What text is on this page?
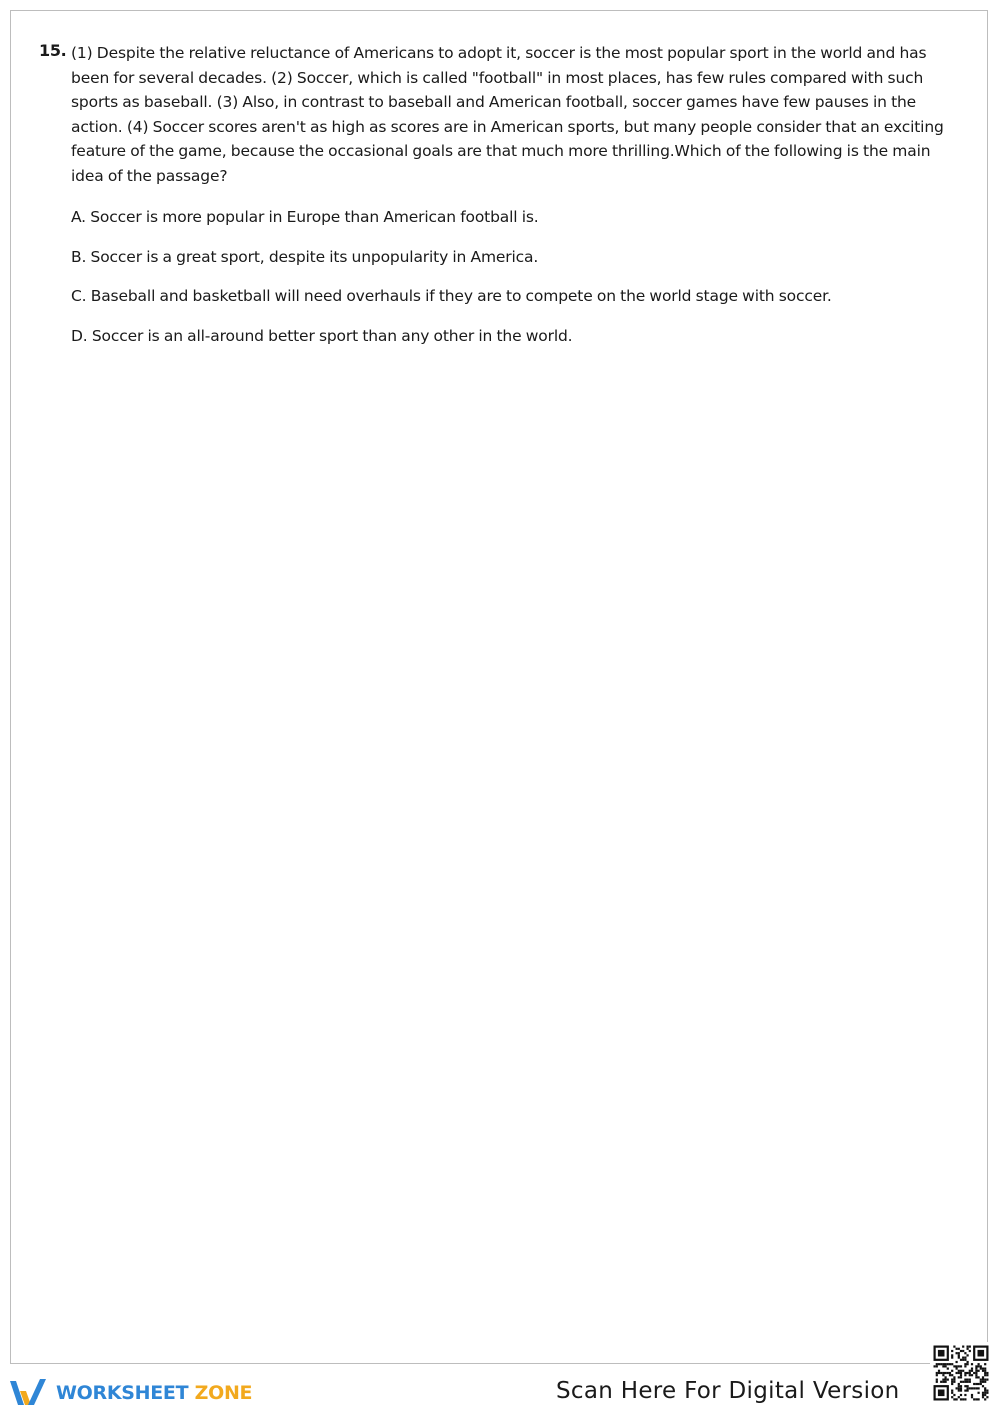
15. (1) Despite the relative reluctance of Americans to adopt it, soccer is the most popular sport in the world and has been for several decades. (2) Soccer, which is called "football" in most places, has few rules compared with such sports as baseball. (3) Also, in contrast to baseball and American football, soccer games have few pauses in the action. (4) Soccer scores aren't as high as scores are in American sports, but many people consider that an exciting feature of the game, because the occasional goals are that much more thrilling.Which of the following is the main idea of the passage?
A. Soccer is more popular in Europe than American football is.
B. Soccer is a great sport, despite its unpopularity in America.
C. Baseball and basketball will need overhauls if they are to compete on the world stage with soccer.
D. Soccer is an all-around better sport than any other in the world.
WORKSHEET ZONE	Scan Here For Digital Version
